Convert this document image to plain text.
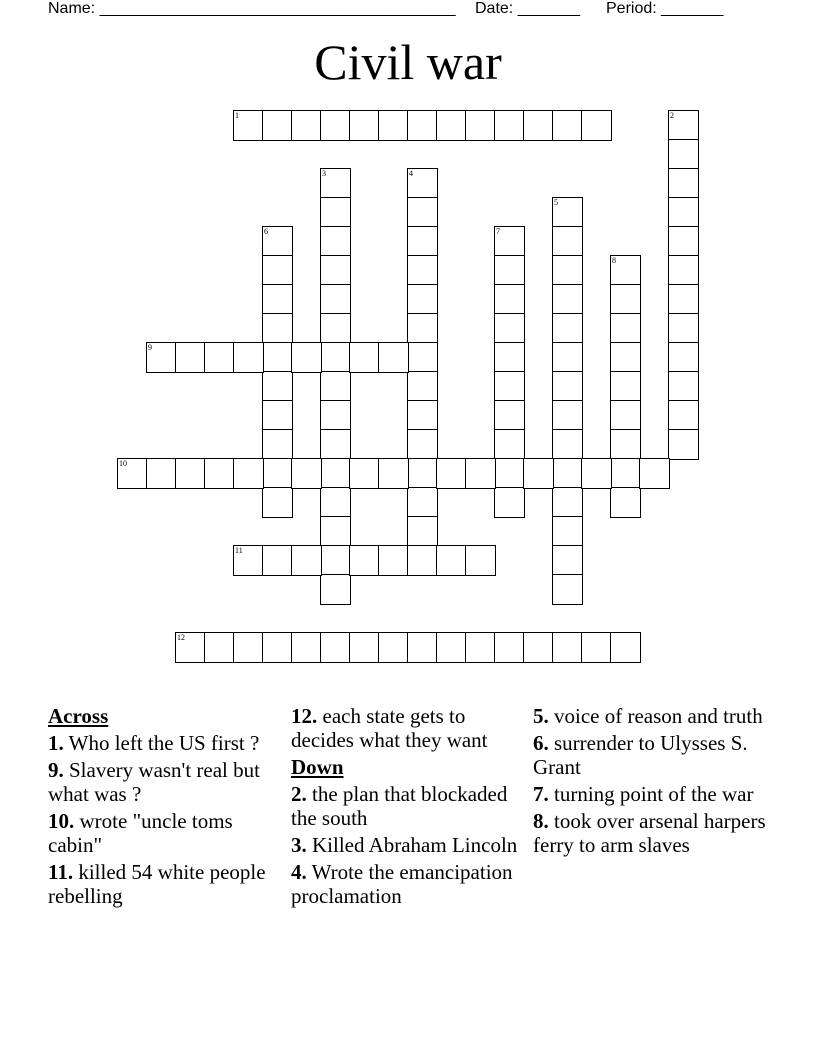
Name: ________________________________________ Date: _______ Period: _______
Civil war
1	2
3	4
5
6	7
8
9
10
11
12
Across
1. Who left the US first ?
9. Slavery wasn't real but what was ?
10. wrote "uncle toms cabin"
11. killed 54 white people rebelling
12. each state gets to decides what they want
Down
2. the plan that blockaded the south
3. Killed Abraham Lincoln
4. Wrote the emancipation proclamation
5. voice of reason and truth
6. surrender to Ulysses S. Grant
7. turning point of the war
8. took over arsenal harpers ferry to arm slaves
